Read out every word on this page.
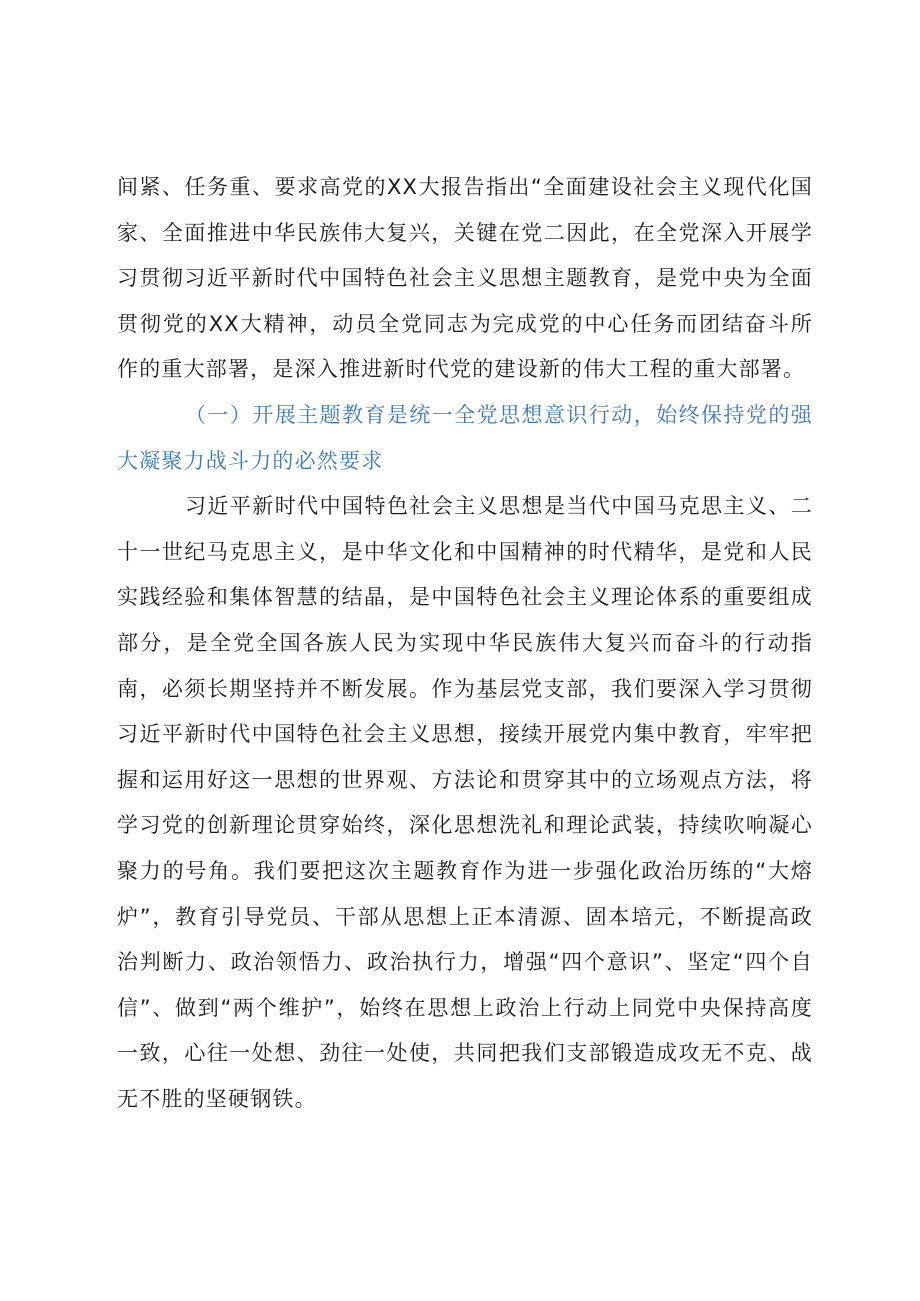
间紧、任务重、要求高党的XX大报告指出“全面建设社会主义现代化国家、全面推进中华民族伟大复兴，关键在党二因此，在全党深入开展学习贯彻习近平新时代中国特色社会主义思想主题教育，是党中央为全面贯彻党的XX大精神，动员全党同志为完成党的中心任务而团结奋斗所作的重大部署，是深入推进新时代党的建设新的伟大工程的重大部署。

（一）开展主题教育是统一全党思想意识行动，始终保持党的强大凝聚力战斗力的必然要求

习近平新时代中国特色社会主义思想是当代中国马克思主义、二十一世纪马克思主义，是中华文化和中国精神的时代精华，是党和人民实践经验和集体智慧的结晶，是中国特色社会主义理论体系的重要组成部分，是全党全国各族人民为实现中华民族伟大复兴而奋斗的行动指南，必须长期坚持并不断发展。作为基层党支部，我们要深入学习贯彻习近平新时代中国特色社会主义思想，接续开展党内集中教育，牢牢把握和运用好这一思想的世界观、方法论和贯穿其中的立场观点方法，将学习党的创新理论贯穿始终，深化思想洗礼和理论武装，持续吹响凝心聚力的号角。我们要把这次主题教育作为进一步强化政治历练的“大熔炉”，教育引导党员、干部从思想上正本清源、固本培元，不断提高政治判断力、政治领悟力、政治执行力，增强“四个意识”、坚定“四个自信”、做到“两个维护”，始终在思想上政治上行动上同党中央保持高度一致，心往一处想、劲往一处使，共同把我们支部锻造成攻无不克、战无不胜的坚硬钢铁。
